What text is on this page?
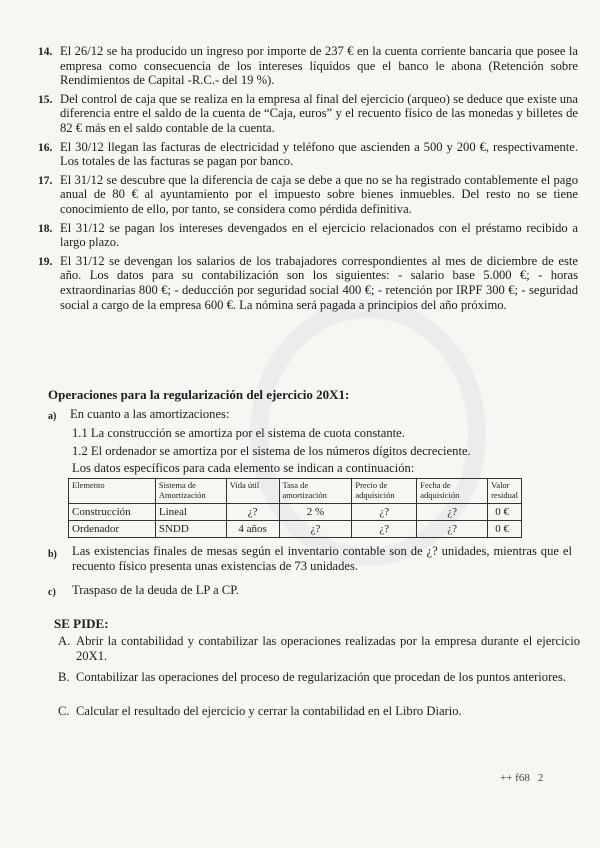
14. El 26/12 se ha producido un ingreso por importe de 237 € en la cuenta corriente bancaria que posee la empresa como consecuencia de los intereses líquidos que el banco le abona (Retención sobre Rendimientos de Capital -R.C.- del 19 %).
15. Del control de caja que se realiza en la empresa al final del ejercicio (arqueo) se deduce que existe una diferencia entre el saldo de la cuenta de “Caja, euros” y el recuento físico de las monedas y billetes de 82 € más en el saldo contable de la cuenta.
16. El 30/12 llegan las facturas de electricidad y teléfono que ascienden a 500 y 200 €, respectivamente. Los totales de las facturas se pagan por banco.
17. El 31/12 se descubre que la diferencia de caja se debe a que no se ha registrado contablemente el pago anual de 80 € al ayuntamiento por el impuesto sobre bienes inmuebles. Del resto no se tiene conocimiento de ello, por tanto, se considera como pérdida definitiva.
18. El 31/12 se pagan los intereses devengados en el ejercicio relacionados con el préstamo recibido a largo plazo.
19. El 31/12 se devengan los salarios de los trabajadores correspondientes al mes de diciembre de este año. Los datos para su contabilización son los siguientes: - salario base 5.000 €; - horas extraordinarias 800 €; - deducción por seguridad social 400 €; - retención por IRPF 300 €; - seguridad social a cargo de la empresa 600 €. La nómina será pagada a principios del año próximo.
Operaciones para la regularización del ejercicio 20X1:
a) En cuanto a las amortizaciones:
1.1 La construcción se amortiza por el sistema de cuota constante.
1.2 El ordenador se amortiza por el sistema de los números dígitos decreciente.
Los datos específicos para cada elemento se indican a continuación:
Elemento	Sistema de Amortización	Vida útil	Tasa de amortización	Precio de adquisición	Fecha de adquisición	Valor residual
Construcción	Lineal	¿?	2 %	¿?	¿?	0 €
Ordenador	SNDD	4 años	¿?	¿?	¿?	0 €
b) Las existencias finales de mesas según el inventario contable son de ¿? unidades, mientras que el recuento físico presenta unas existencias de 73 unidades.
c) Traspaso de la deuda de LP a CP.
SE PIDE:
A. Abrir la contabilidad y contabilizar las operaciones realizadas por la empresa durante el ejercicio 20X1.
B. Contabilizar las operaciones del proceso de regularización que procedan de los puntos anteriores.
C. Calcular el resultado del ejercicio y cerrar la contabilidad en el Libro Diario.
++ f68 2
